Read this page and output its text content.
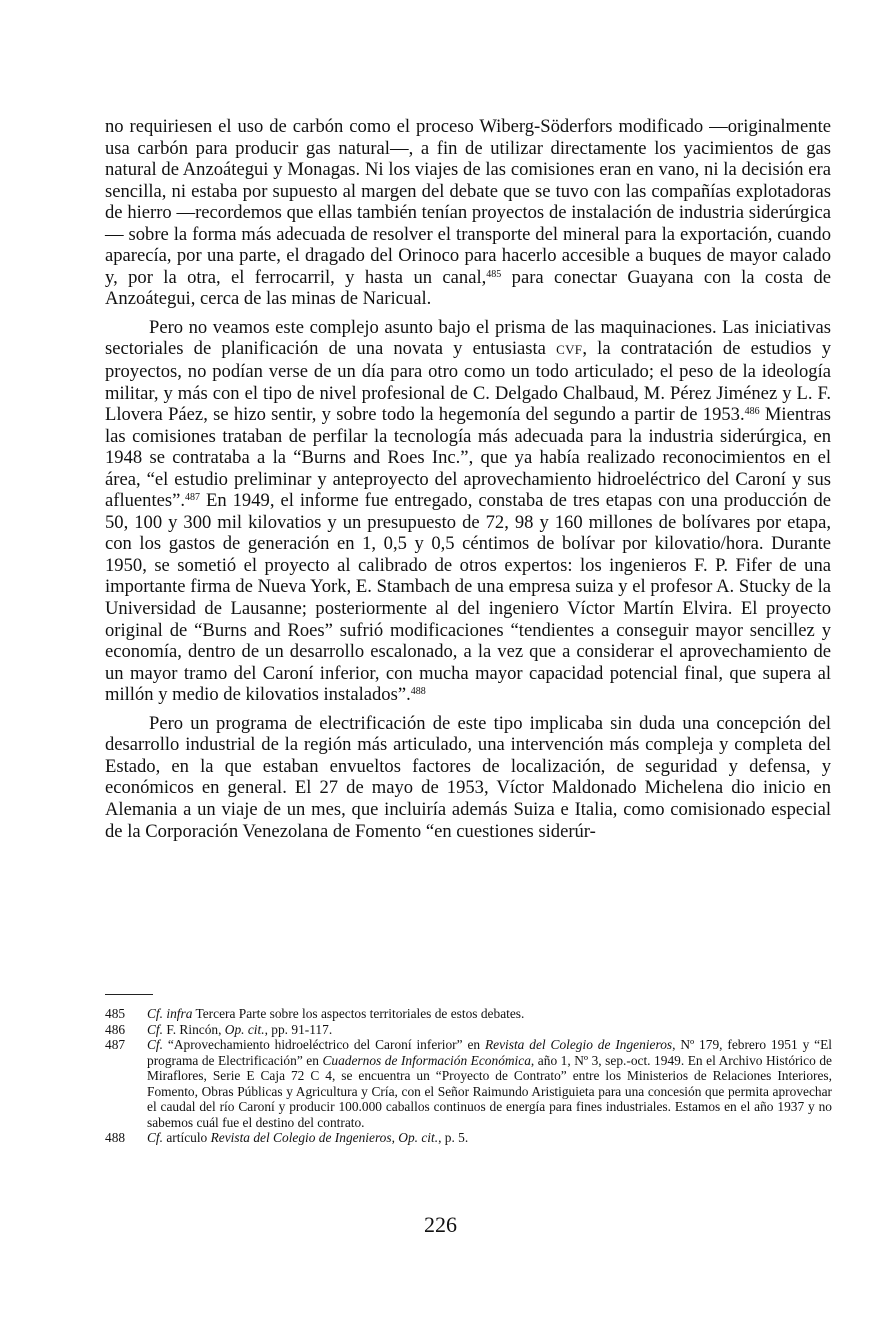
no requiriesen el uso de carbón como el proceso Wiberg-Söderfors modificado —originalmente usa carbón para producir gas natural—, a fin de utilizar directamente los yacimientos de gas natural de Anzoátegui y Monagas. Ni los viajes de las comisiones eran en vano, ni la decisión era sencilla, ni estaba por supuesto al margen del debate que se tuvo con las compañías explotadoras de hierro —recordemos que ellas también tenían proyectos de instalación de industria siderúrgica— sobre la forma más adecuada de resolver el transporte del mineral para la exportación, cuando aparecía, por una parte, el dragado del Orinoco para hacerlo accesible a buques de mayor calado y, por la otra, el ferrocarril, y hasta un canal,$^{485}$ para conectar Guayana con la costa de Anzoátegui, cerca de las minas de Naricual.

Pero no veamos este complejo asunto bajo el prisma de las maquinaciones. Las iniciativas sectoriales de planificación de una novata y entusiasta CVF, la contratación de estudios y proyectos, no podían verse de un día para otro como un todo articulado; el peso de la ideología militar, y más con el tipo de nivel profesional de C. Delgado Chalbaud, M. Pérez Jiménez y L. F. Llovera Páez, se hizo sentir, y sobre todo la hegemonía del segundo a partir de 1953.$^{486}$ Mientras las comisiones trataban de perfilar la tecnología más adecuada para la industria siderúrgica, en 1948 se contrataba a la “Burns and Roes Inc.”, que ya había realizado reconocimientos en el área, “el estudio preliminar y anteproyecto del aprovechamiento hidroeléctrico del Caroní y sus afluentes”.$^{487}$ En 1949, el informe fue entregado, constaba de tres etapas con una producción de 50, 100 y 300 mil kilovatios y un presupuesto de 72, 98 y 160 millones de bolívares por etapa, con los gastos de generación en 1, 0,5 y 0,5 céntimos de bolívar por kilovatio/hora. Durante 1950, se sometió el proyecto al calibrado de otros expertos: los ingenieros F. P. Fifer de una importante firma de Nueva York, E. Stambach de una empresa suiza y el profesor A. Stucky de la Universidad de Lausanne; posteriormente al del ingeniero Víctor Martín Elvira. El proyecto original de “Burns and Roes” sufrió modificaciones “tendientes a conseguir mayor sencillez y economía, dentro de un desarrollo escalonado, a la vez que a considerar el aprovechamiento de un mayor tramo del Caroní inferior, con mucha mayor capacidad potencial final, que supera al millón y medio de kilovatios instalados”.$^{488}$

Pero un programa de electrificación de este tipo implicaba sin duda una concepción del desarrollo industrial de la región más articulado, una intervención más compleja y completa del Estado, en la que estaban envueltos factores de localización, de seguridad y defensa, y económicos en general. El 27 de mayo de 1953, Víctor Maldonado Michelena dio inicio en Alemania a un viaje de un mes, que incluiría además Suiza e Italia, como comisionado especial de la Corporación Venezolana de Fomento “en cuestiones siderúr-

485	Cf. infra Tercera Parte sobre los aspectos territoriales de estos debates.
486	Cf. F. Rincón, Op. cit., pp. 91-117.
487	Cf. “Aprovechamiento hidroeléctrico del Caroní inferior” en Revista del Colegio de Ingenieros, Nº 179, febrero 1951 y “El programa de Electrificación” en Cuadernos de Información Económica, año 1, Nº 3, sep.-oct. 1949. En el Archivo Histórico de Miraflores, Serie E Caja 72 C 4, se encuentra un “Proyecto de Contrato” entre los Ministerios de Relaciones Interiores, Fomento, Obras Públicas y Agricultura y Cría, con el Señor Raimundo Aristiguieta para una concesión que permita aprovechar el caudal del río Caroní y producir 100.000 caballos continuos de energía para fines industriales. Estamos en el año 1937 y no sabemos cuál fue el destino del contrato.
488	Cf. artículo Revista del Colegio de Ingenieros, Op. cit., p. 5.
226
